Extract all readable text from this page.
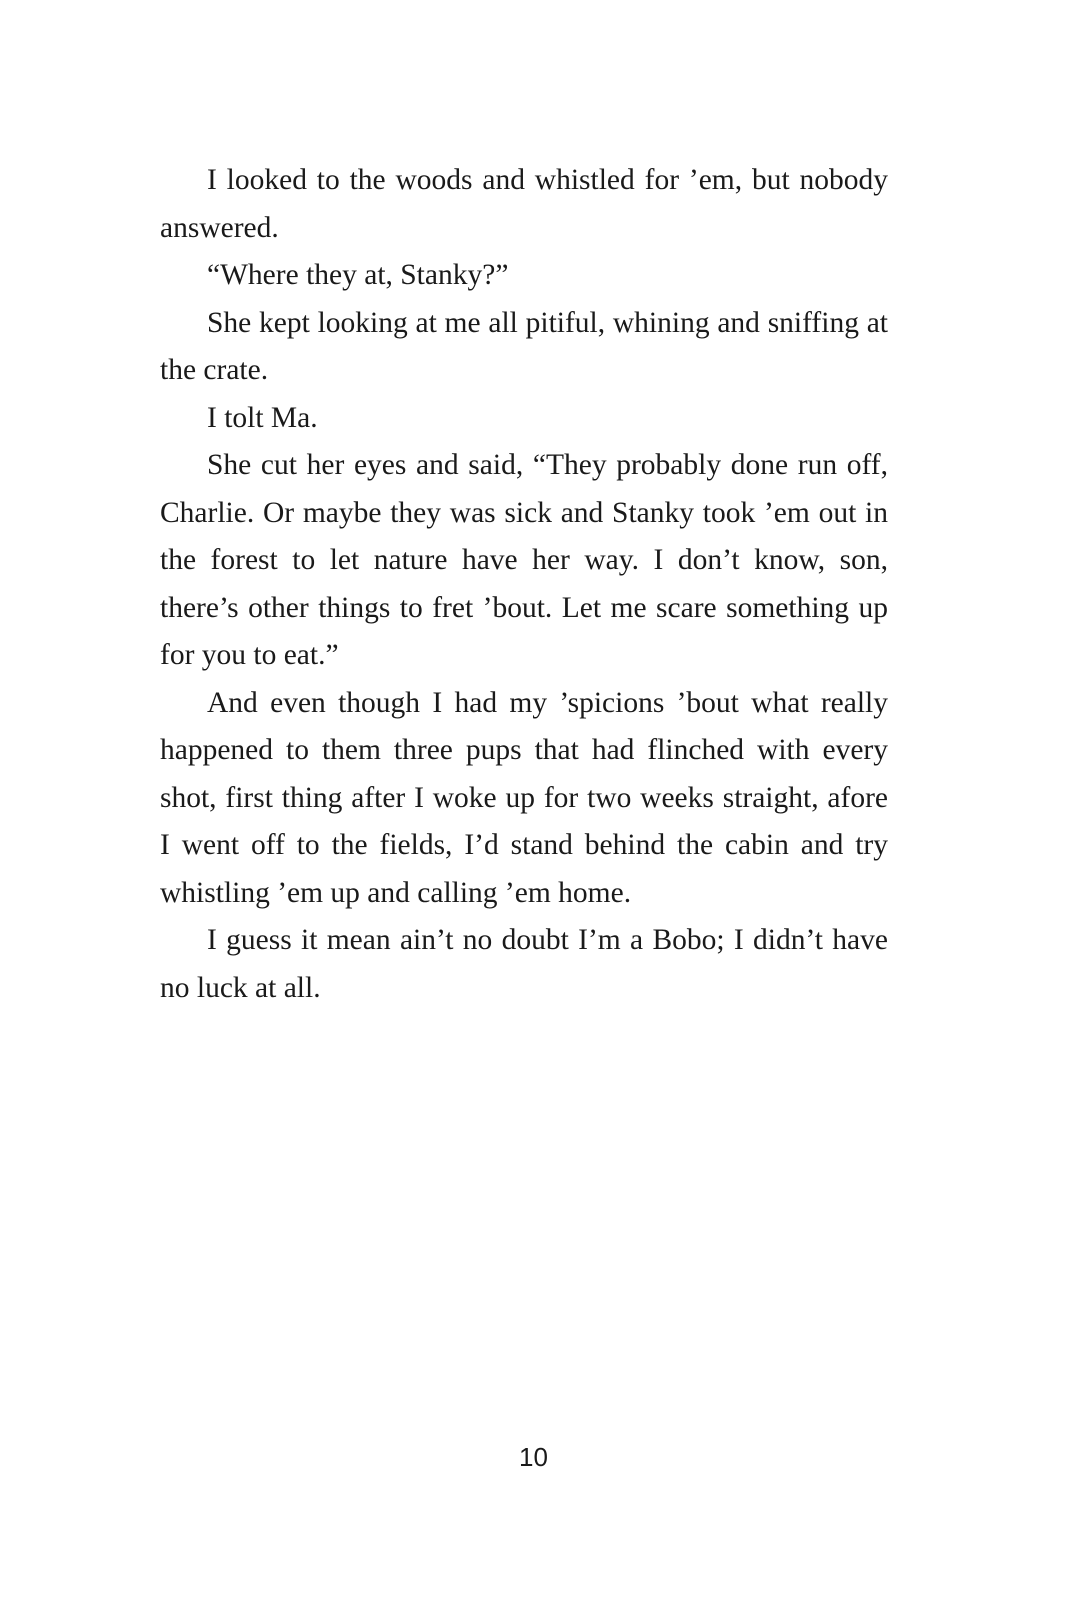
I looked to the woods and whistled for ’em, but nobody answered.

“Where they at, Stanky?”

She kept looking at me all pitiful, whining and sniffing at the crate.

I tolt Ma.

She cut her eyes and said, “They probably done run off, Charlie. Or maybe they was sick and Stanky took ’em out in the forest to let nature have her way. I don’t know, son, there’s other things to fret ’bout. Let me scare something up for you to eat.”

And even though I had my ’spicions ’bout what really happened to them three pups that had flinched with every shot, first thing after I woke up for two weeks straight, afore I went off to the fields, I’d stand behind the cabin and try whistling ’em up and calling ’em home.

I guess it mean ain’t no doubt I’m a Bobo; I didn’t have no luck at all.

10
